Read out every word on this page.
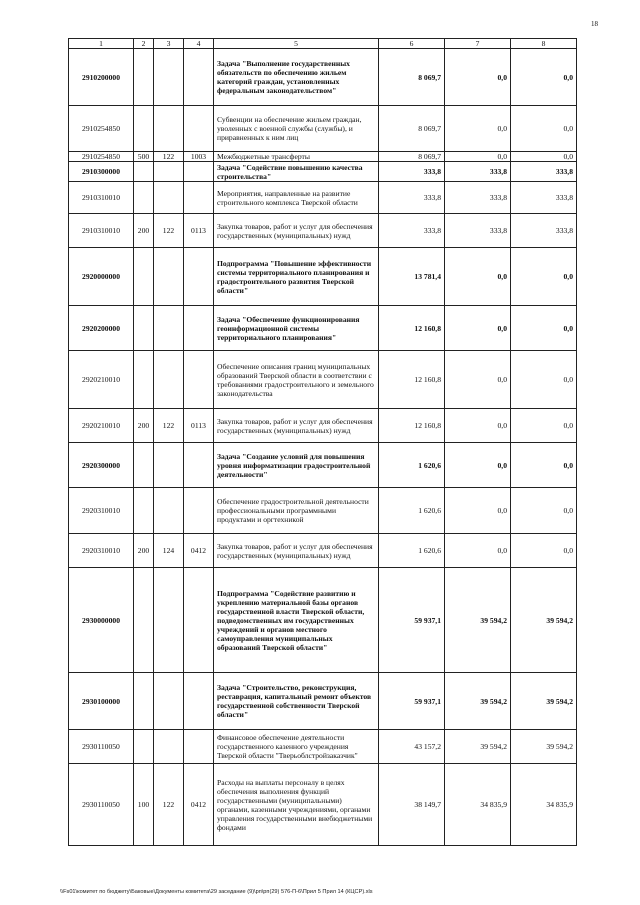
18
1	2	3	4	5	6	7	8
2910200000				Задача "Выполнение государственных обязательств по обеспечению жильем категорий граждан, установленных федеральным законодательством"	8 069,7	0,0	0,0
2910254850				Субвенции на обеспечение жильем граждан, уволенных с военной службы (службы), и приравненных к ним лиц	8 069,7	0,0	0,0
2910254850	500	122	1003	Межбюджетные трансферты	8 069,7	0,0	0,0
2910300000				Задача "Содействие повышению качества строительства"	333,8	333,8	333,8
2910310010				Мероприятия, направленные на развитие строительного комплекса Тверской области	333,8	333,8	333,8
2910310010	200	122	0113	Закупка товаров, работ и услуг для обеспечения государственных (муниципальных) нужд	333,8	333,8	333,8
2920000000				Подпрограмма "Повышение эффективности системы территориального планирования и градостроительного развития Тверской области"	13 781,4	0,0	0,0
2920200000				Задача "Обеспечение функционирования геоинформационной системы территориального планирования"	12 160,8	0,0	0,0
2920210010				Обеспечение описания границ муниципальных образований Тверской области в соответствии с требованиями градостроительного и земельного законодательства	12 160,8	0,0	0,0
2920210010	200	122	0113	Закупка товаров, работ и услуг для обеспечения государственных (муниципальных) нужд	12 160,8	0,0	0,0
2920300000				Задача "Создание условий для повышения уровня информатизации градостроительной деятельности"	1 620,6	0,0	0,0
2920310010				Обеспечение градостроительной деятельности профессиональными программными продуктами и оргтехникой	1 620,6	0,0	0,0
2920310010	200	124	0412	Закупка товаров, работ и услуг для обеспечения государственных (муниципальных) нужд	1 620,6	0,0	0,0
2930000000				Подпрограмма "Содействие развитию и укреплению материальной базы органов государственной власти Тверской области, подведомственных им государственных учреждений и органов местного самоуправления муниципальных образований Тверской области"	59 937,1	39 594,2	39 594,2
2930100000				Задача "Строительство, реконструкция, реставрация, капитальный ремонт объектов государственной собственности Тверской области"	59 937,1	39 594,2	39 594,2
2930110050				Финансовое обеспечение деятельности государственного казенного учреждения Тверской области "Тверьоблстройзаказчик"	43 157,2	39 594,2	39 594,2
2930110050	100	122	0412	Расходы на выплаты персоналу в целях обеспечения выполнения функций государственными (муниципальными) органами, казенными учреждениями, органами управления государственными внебюджетными фондами	38 149,7	34 835,9	34 835,9
\\Fs01\комитет по бюджету\Баковые\Документы комитета\29 заседание (9)\рп\рп(29) 576-П-6\Прил 5 Прил 14 (КЦСР).xls
